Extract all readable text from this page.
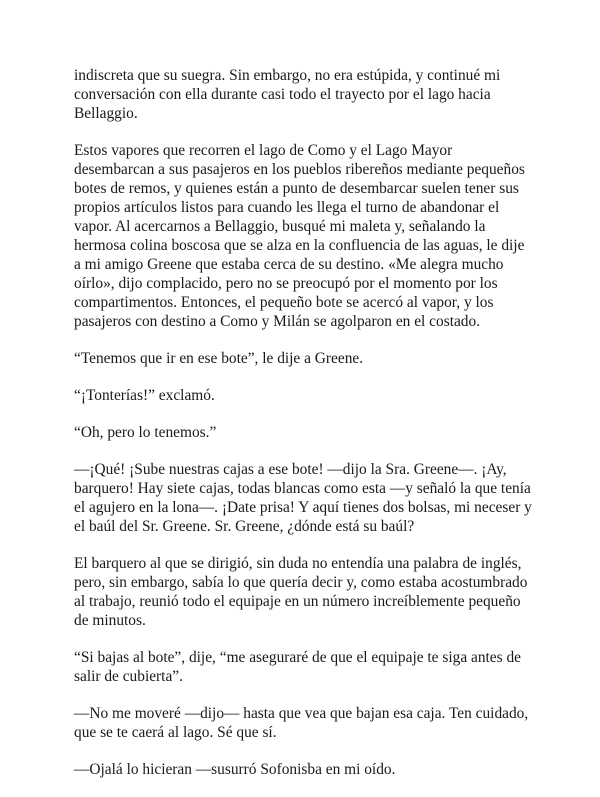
indiscreta que su suegra. Sin embargo, no era estúpida, y continué mi conversación con ella durante casi todo el trayecto por el lago hacia Bellaggio.

Estos vapores que recorren el lago de Como y el Lago Mayor desembarcan a sus pasajeros en los pueblos ribereños mediante pequeños botes de remos, y quienes están a punto de desembarcar suelen tener sus propios artículos listos para cuando les llega el turno de abandonar el vapor. Al acercarnos a Bellaggio, busqué mi maleta y, señalando la hermosa colina boscosa que se alza en la confluencia de las aguas, le dije a mi amigo Greene que estaba cerca de su destino. «Me alegra mucho oírlo», dijo complacido, pero no se preocupó por el momento por los compartimentos. Entonces, el pequeño bote se acercó al vapor, y los pasajeros con destino a Como y Milán se agolparon en el costado.

“Tenemos que ir en ese bote”, le dije a Greene.

“¡Tonterías!” exclamó.

“Oh, pero lo tenemos.”

—¡Qué! ¡Sube nuestras cajas a ese bote! —dijo la Sra. Greene—. ¡Ay, barquero! Hay siete cajas, todas blancas como esta —y señaló la que tenía el agujero en la lona—. ¡Date prisa! Y aquí tienes dos bolsas, mi neceser y el baúl del Sr. Greene. Sr. Greene, ¿dónde está su baúl?

El barquero al que se dirigió, sin duda no entendía una palabra de inglés, pero, sin embargo, sabía lo que quería decir y, como estaba acostumbrado al trabajo, reunió todo el equipaje en un número increíblemente pequeño de minutos.

“Si bajas al bote”, dije, “me aseguraré de que el equipaje te siga antes de salir de cubierta”.

—No me moveré —dijo— hasta que vea que bajan esa caja. Ten cuidado, que se te caerá al lago. Sé que sí.

—Ojalá lo hicieran —susurró Sofonisba en mi oído.
